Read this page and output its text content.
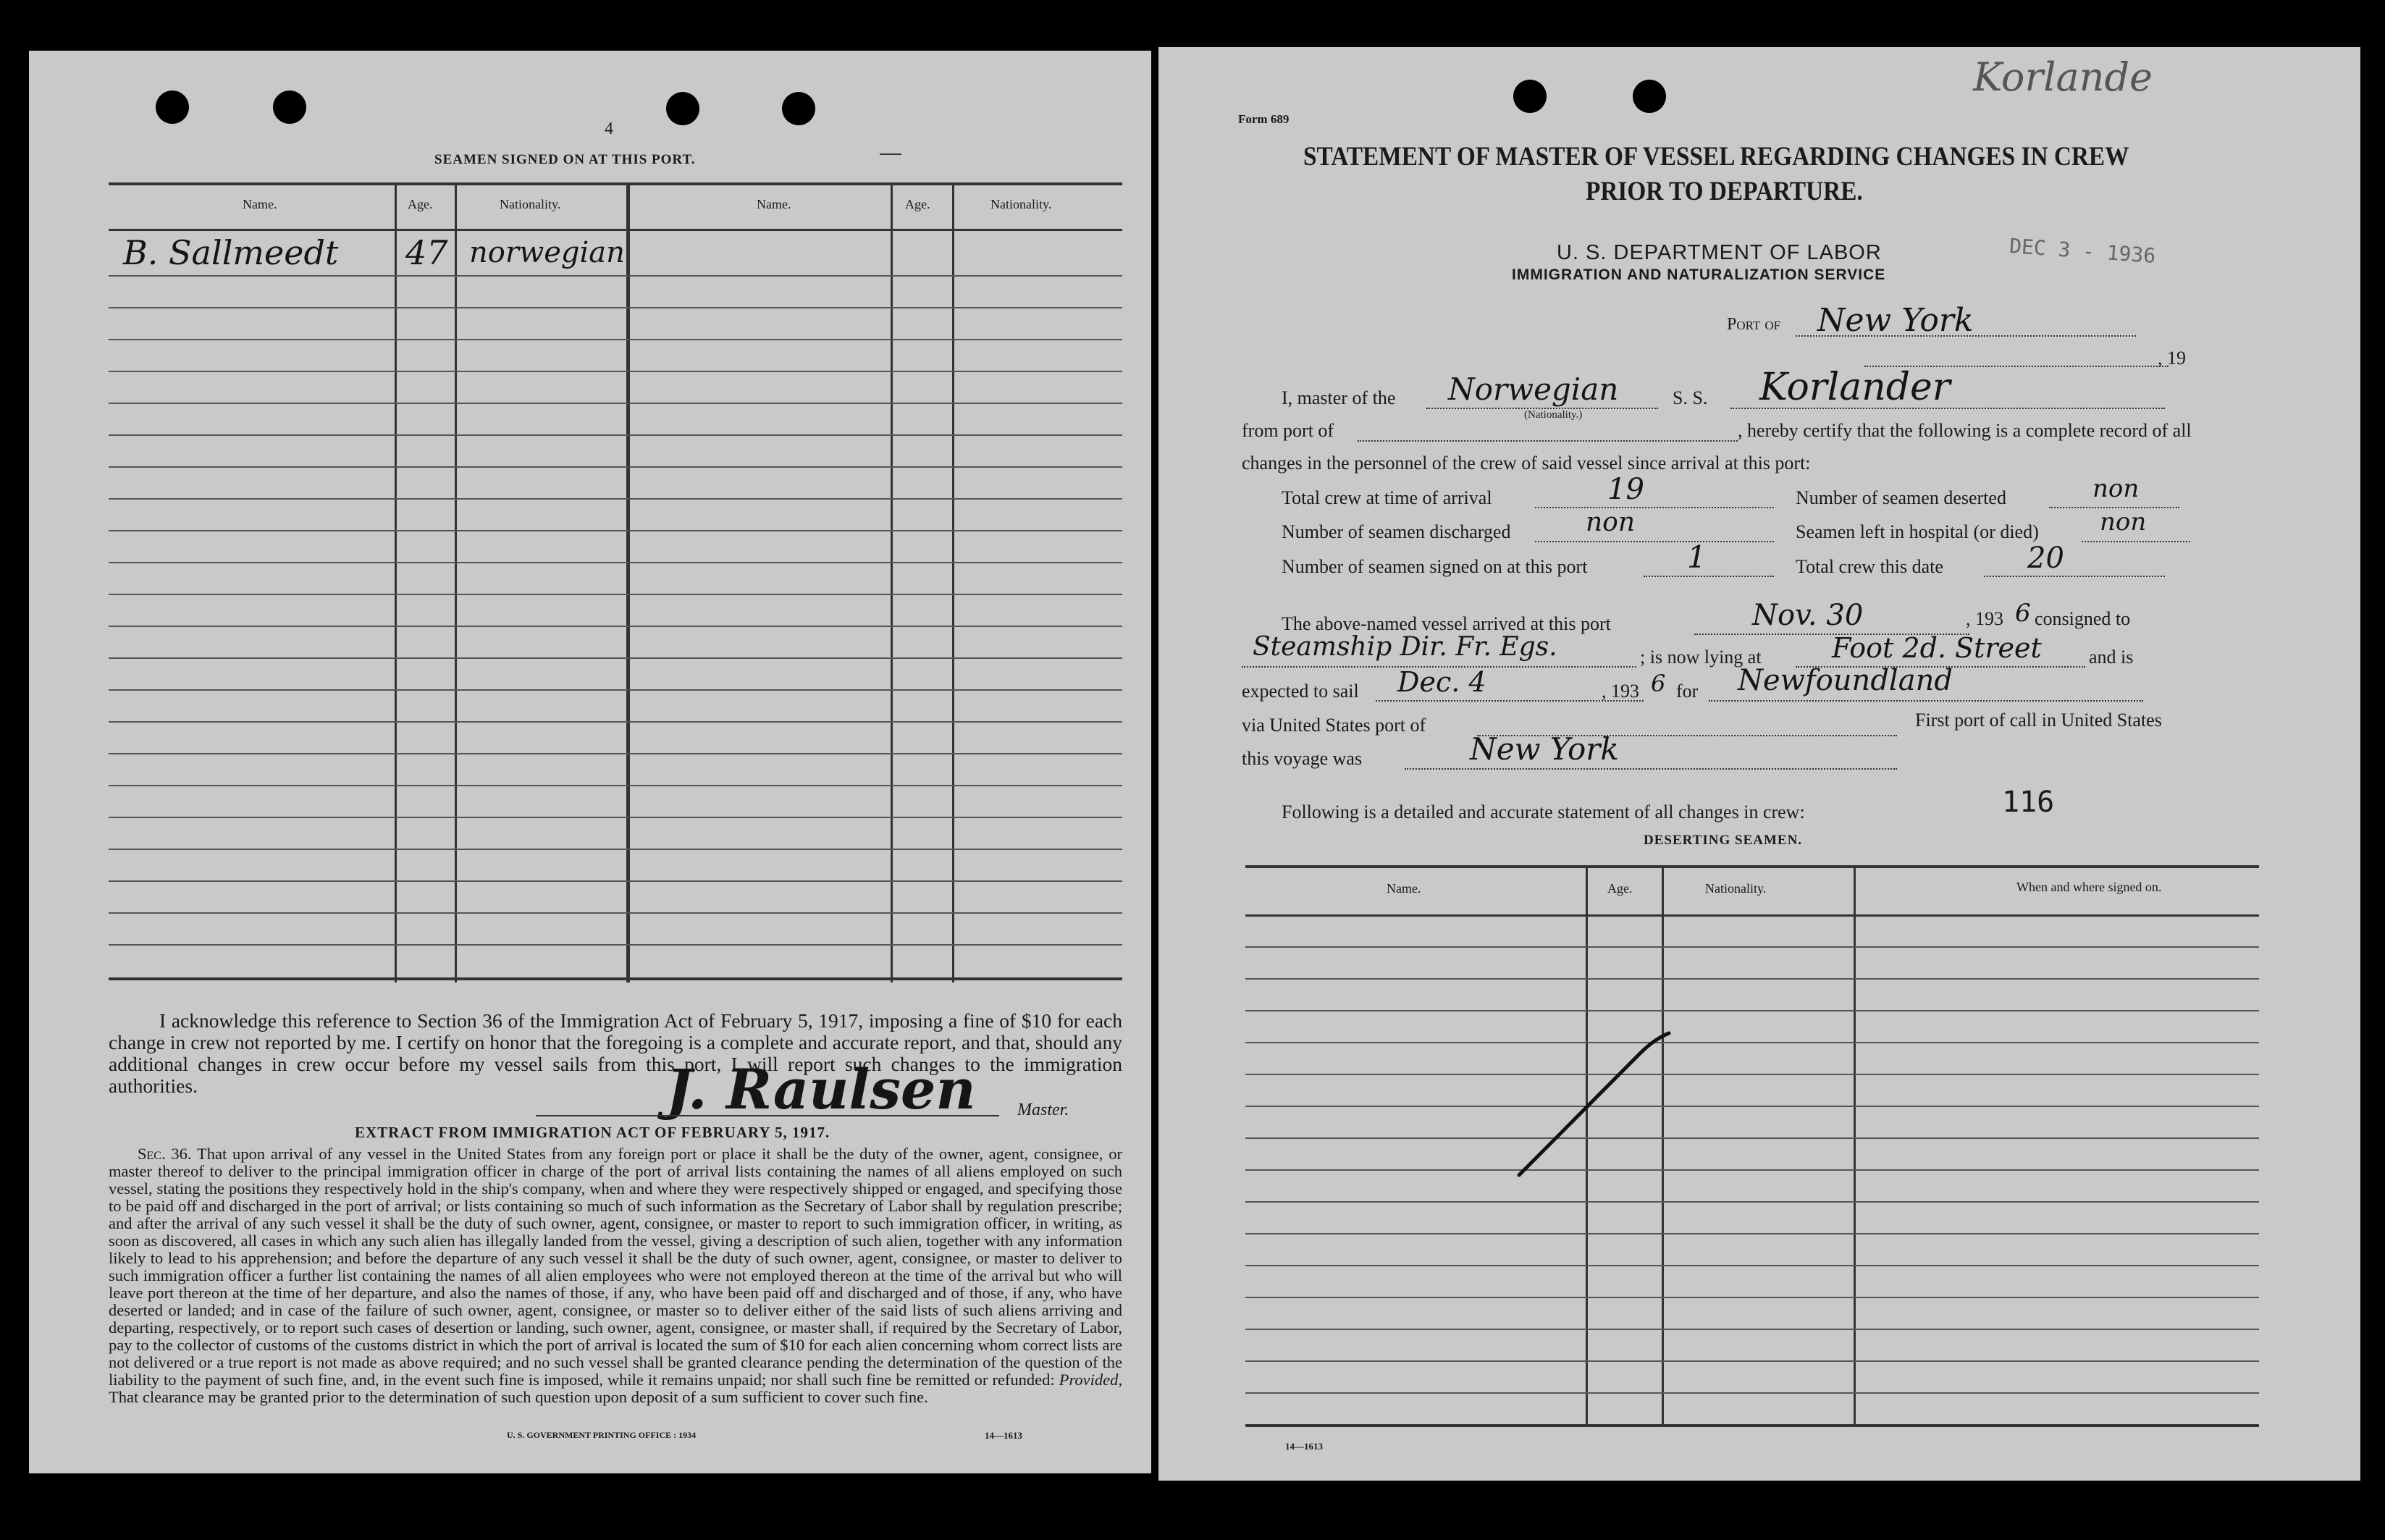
4
SEAMEN SIGNED ON AT THIS PORT.
Name.	Age.	Nationality.	Name.	Age.	Nationality.
B. Sallmeedt 47 norwegian
I acknowledge this reference to Section 36 of the Immigration Act of February 5, 1917, imposing a fine of $10 for each change in crew not reported by me. I certify on honor that the foregoing is a complete and accurate report, and that, should any additional changes in crew occur before my vessel sails from this port, I will report such changes to the immigration authorities.	J. Raulsen Master.
EXTRACT FROM IMMIGRATION ACT OF FEBRUARY 5, 1917.
Sec. 36. That upon arrival of any vessel in the United States from any foreign port or place it shall be the duty of the owner, agent, consignee, or master thereof to deliver to the principal immigration officer in charge of the port of arrival lists containing the names of all aliens employed on such vessel, stating the positions they respectively hold in the ship's company, when and where they were respectively shipped or engaged, and specifying those to be paid off and discharged in the port of arrival; or lists containing so much of such information as the Secretary of Labor shall by regulation prescribe; and after the arrival of any such vessel it shall be the duty of such owner, agent, consignee, or master to report to such immigration officer, in writing, as soon as discovered, all cases in which any such alien has illegally landed from the vessel, giving a description of such alien, together with any information likely to lead to his apprehension; and before the departure of any such vessel it shall be the duty of such owner, agent, consignee, or master to deliver to such immigration officer a further list containing the names of all alien employees who were not employed thereon at the time of the arrival but who will leave port thereon at the time of her departure, and also the names of those, if any, who have been paid off and discharged and of those, if any, who have deserted or landed; and in case of the failure of such owner, agent, consignee, or master so to deliver either of the said lists of such aliens arriving and departing, respectively, or to report such cases of desertion or landing, such owner, agent, consignee, or master shall, if required by the Secretary of Labor, pay to the collector of customs of the customs district in which the port of arrival is located the sum of $10 for each alien concerning whom correct lists are not delivered or a true report is not made as above required; and no such vessel shall be granted clearance pending the determination of the question of the liability to the payment of such fine, and, in the event such fine is imposed, while it remains unpaid; nor shall such fine be remitted or refunded: Provided, That clearance may be granted prior to the determination of such question upon deposit of a sum sufficient to cover such fine.
U. S. GOVERNMENT PRINTING OFFICE : 1934	14—1613
Korlande
Form 689
STATEMENT OF MASTER OF VESSEL REGARDING CHANGES IN CREW
PRIOR TO DEPARTURE.
U. S. DEPARTMENT OF LABOR
IMMIGRATION AND NATURALIZATION SERVICE
DEC 3 - 1936
Port of New York
, 19
I, master of the Norwegian
(Nationality.)
S. S. Korlander
from port of	, hereby certify that the following is a complete record of all
changes in the personnel of the crew of said vessel since arrival at this port:
Total crew at time of arrival	19	Number of seamen deserted	non
Number of seamen discharged	non	Seamen left in hospital (or died) non
Number of seamen signed on at this port	1	Total crew this date	20
The above-named vessel arrived at this port	Nov. 30	, 193 6 consigned to
Steamship Dir. Fr. Egs.	; is now lying at	Foot 2d. Street	and is
expected to sail Dec. 4	, 193 6 for Newfoundland
via United States port of	First port of call in United States
this voyage was	New York
Following is a detailed and accurate statement of all changes in crew:	116
DESERTING SEAMEN.
Name.	Age.	Nationality.	When and where signed on.
14—1613
